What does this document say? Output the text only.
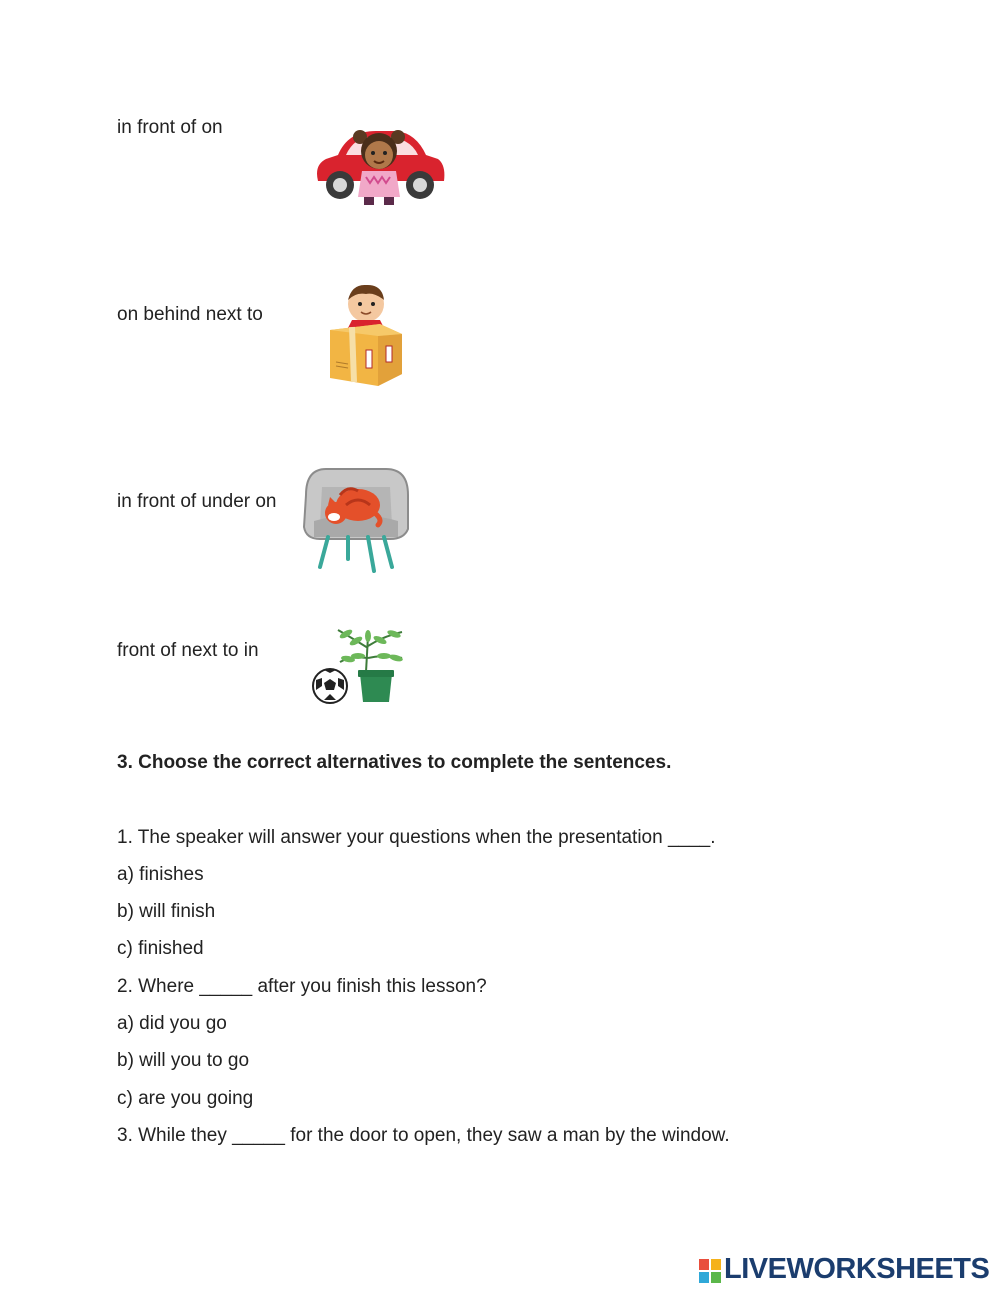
in front of on
on behind next to
in front of under on
front of next to in
3. Choose the correct alternatives to complete the sentences.
1. The speaker will answer your questions when the presentation ____.
a) finishes
b) will finish
c) finished
2. Where _____ after you finish this lesson?
a) did you go
b) will you to go
c) are you going
3. While they _____ for the door to open, they saw a man by the window.
LIVEWORKSHEETS
